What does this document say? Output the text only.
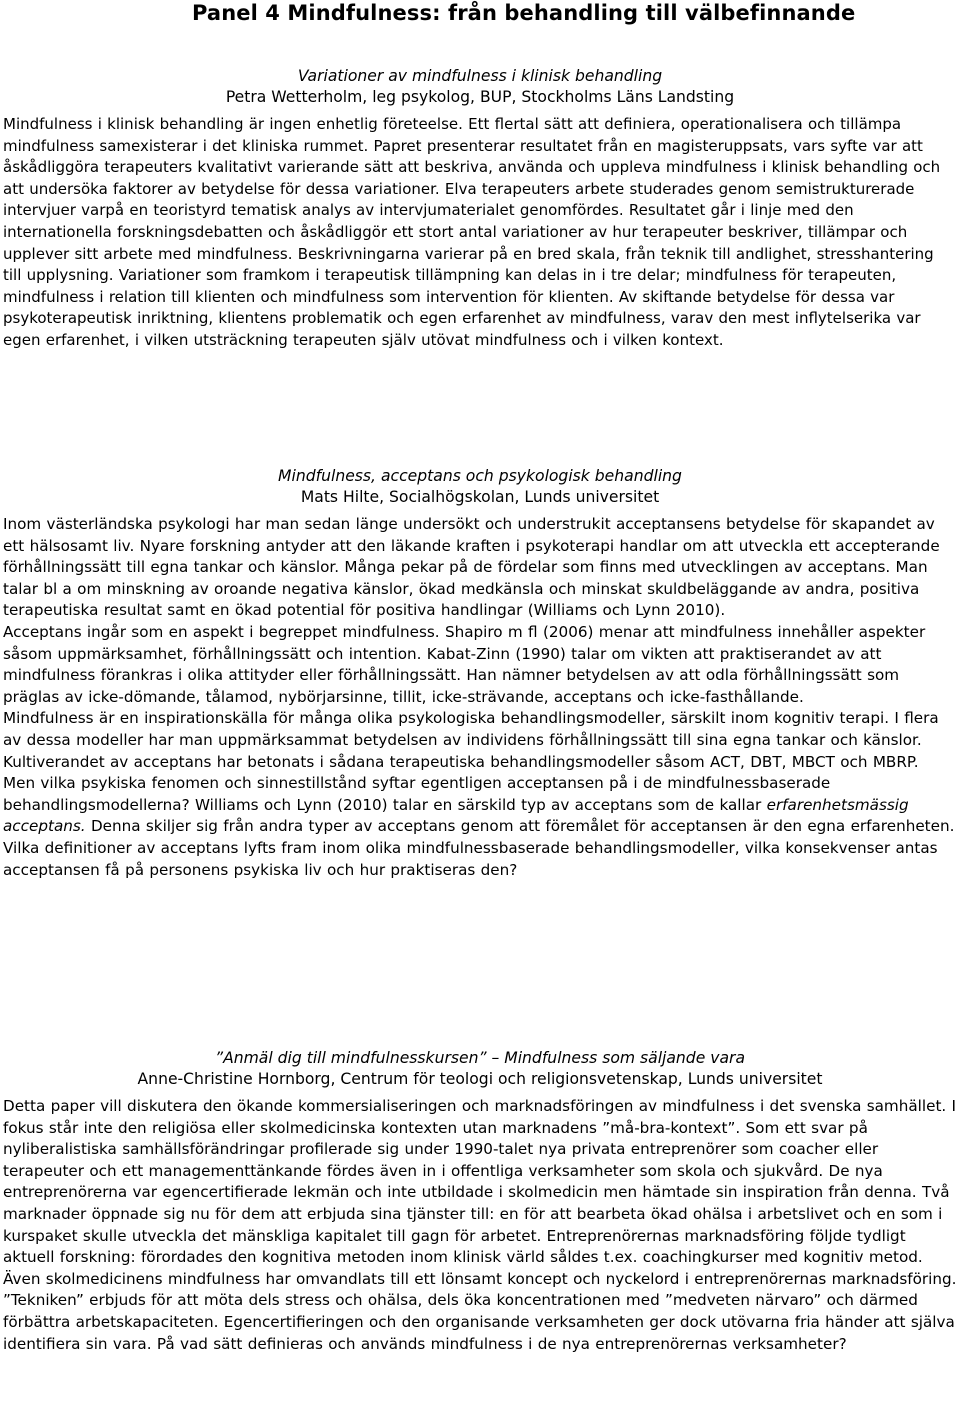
Panel 4 Mindfulness: från behandling till välbefinnande
Variationer av mindfulness i klinisk behandling
Petra Wetterholm, leg psykolog, BUP, Stockholms Läns Landsting

Mindfulness i klinisk behandling är ingen enhetlig företeelse. Ett flertal sätt att definiera, operationalisera och tillämpa mindfulness samexisterar i det kliniska rummet. Papret presenterar resultatet från en magisteruppsats, vars syfte var att åskådliggöra terapeuters kvalitativt varierande sätt att beskriva, använda och uppleva mindfulness i klinisk behandling och att undersöka faktorer av betydelse för dessa variationer. Elva terapeuters arbete studerades genom semistrukturerade intervjuer varpå en teoristyrd tematisk analys av intervjumaterialet genomfördes. Resultatet går i linje med den internationella forskningsdebatten och åskådliggör ett stort antal variationer av hur terapeuter beskriver, tillämpar och upplever sitt arbete med mindfulness. Beskrivningarna varierar på en bred skala, från teknik till andlighet, stresshantering till upplysning. Variationer som framkom i terapeutisk tillämpning kan delas in i tre delar; mindfulness för terapeuten, mindfulness i relation till klienten och mindfulness som intervention för klienten. Av skiftande betydelse för dessa var psykoterapeutisk inriktning, klientens problematik och egen erfarenhet av mindfulness, varav den mest inflytelserika var egen erfarenhet, i vilken utsträckning terapeuten själv utövat mindfulness och i vilken kontext.

Mindfulness, acceptans och psykologisk behandling
Mats Hilte, Socialhögskolan, Lunds universitet

Inom västerländska psykologi har man sedan länge undersökt och understrukit acceptansens betydelse för skapandet av ett hälsosamt liv. Nyare forskning antyder att den läkande kraften i psykoterapi handlar om att utveckla ett accepterande förhållningssätt till egna tankar och känslor. Många pekar på de fördelar som finns med utvecklingen av acceptans. Man talar bl a om minskning av oroande negativa känslor, ökad medkänsla och minskat skuldbeläggande av andra, positiva terapeutiska resultat samt en ökad potential för positiva handlingar (Williams och Lynn 2010).

Acceptans ingår som en aspekt i begreppet mindfulness. Shapiro m fl (2006) menar att mindfulness innehåller aspekter såsom uppmärksamhet, förhållningssätt och intention. Kabat-Zinn (1990) talar om vikten att praktiserandet av att mindfulness förankras i olika attityder eller förhållningssätt. Han nämner betydelsen av att odla förhållningssätt som präglas av icke-dömande, tålamod, nybörjarsinne, tillit, icke-strävande, acceptans och icke-fasthållande.

Mindfulness är en inspirationskälla för många olika psykologiska behandlingsmodeller, särskilt inom kognitiv terapi. I flera av dessa modeller har man uppmärksammat betydelsen av individens förhållningssätt till sina egna tankar och känslor. Kultiverandet av acceptans har betonats i sådana terapeutiska behandlingsmodeller såsom ACT, DBT, MBCT och MBRP.

Men vilka psykiska fenomen och sinnestillstånd syftar egentligen acceptansen på i de mindfulnessbaserade behandlingsmodellerna? Williams och Lynn (2010) talar en särskild typ av acceptans som de kallar erfarenhetsmässig acceptans. Denna skiljer sig från andra typer av acceptans genom att föremålet för acceptansen är den egna erfarenheten. Vilka definitioner av acceptans lyfts fram inom olika mindfulnessbaserade behandlingsmodeller, vilka konsekvenser antas acceptansen få på personens psykiska liv och hur praktiseras den?

”Anmäl dig till mindfulnesskursen” – Mindfulness som säljande vara
Anne-Christine Hornborg, Centrum för teologi och religionsvetenskap, Lunds universitet

Detta paper vill diskutera den ökande kommersialiseringen och marknadsföringen av mindfulness i det svenska samhället. I fokus står inte den religiösa eller skolmedicinska kontexten utan marknadens ”må-bra-kontext”. Som ett svar på nyliberalistiska samhällsförändringar profilerade sig under 1990-talet nya privata entreprenörer som coacher eller terapeuter och ett managementtänkande fördes även in i offentliga verksamheter som skola och sjukvård. De nya entreprenörerna var egencertifierade lekmän och inte utbildade i skolmedicin men hämtade sin inspiration från denna. Två marknader öppnade sig nu för dem att erbjuda sina tjänster till: en för att bearbeta ökad ohälsa i arbetslivet och en som i kurspaket skulle utveckla det mänskliga kapitalet till gagn för arbetet. Entreprenörernas marknadsföring följde tydligt aktuell forskning: förordades den kognitiva metoden inom klinisk värld såldes t.ex. coachingkurser med kognitiv metod. Även skolmedicinens mindfulness har omvandlats till ett lönsamt koncept och nyckelord i entreprenörernas marknadsföring. ”Tekniken” erbjuds för att möta dels stress och ohälsa, dels öka koncentrationen med ”medveten närvaro” och därmed förbättra arbetskapaciteten. Egencertifieringen och den organisande verksamheten ger dock utövarna fria händer att själva identifiera sin vara. På vad sätt definieras och används mindfulness i de nya entreprenörernas verksamheter?
